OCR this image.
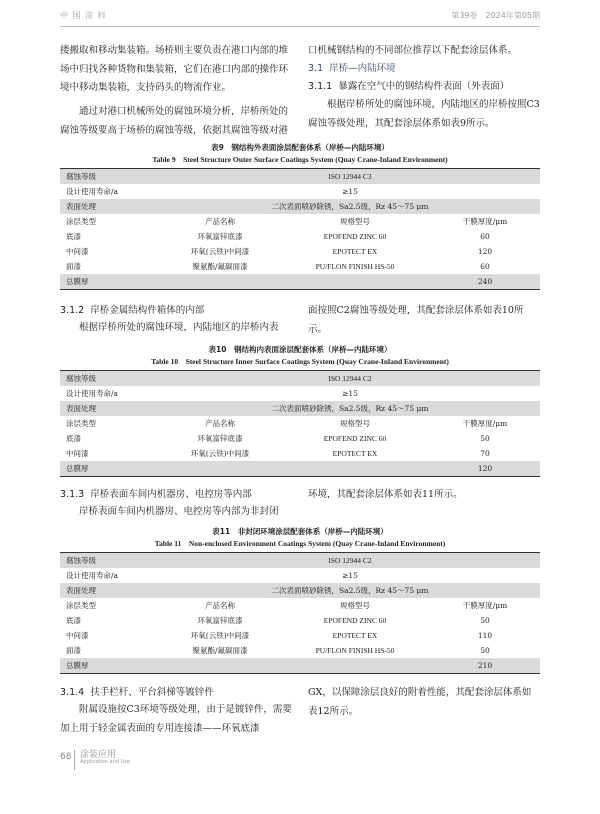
中 国 涂 料	第39卷　2024年第05期

搂搬取和移动集装箱。场桥则主要负责在港口内部的堆场中归找各种货物和集装箱，它们在港口内部的操作环境中移动集装箱，支持码头的物流作业。

通过对港口机械所处的腐蚀环境分析，岸桥所处的腐蚀等级要高于场桥的腐蚀等级，依据其腐蚀等级对港

口机械钢结构的不同部位推荐以下配套涂层体系。

3.1 岸桥—内陆环境
3.1.1 暴露在空气中的钢结构件表面（外表面）

根据岸桥所处的腐蚀环境，内陆地区的岸桥按照C3腐蚀等级处理，其配套涂层体系如表9所示。

表9　钢结构外表面涂层配套体系（岸桥—内陆环境）
Table 9　Steel Structure Outer Surface Coatings System (Quay Crane-Inland Environment)
腐蚀等级	ISO 12944 C3		
设计使用寿命/a	≥15		
表面处理	二次表面喷砂除锈，Sa2.5级，Rz 45～75 μm		
涂层类型	产品名称	规格型号	干膜厚度/μm
底漆	环氧富锌底漆	EPOFEND ZINC 60	60
中间漆	环氧(云铁)中间漆	EPOTECT EX	120
面漆	聚氨酯/氟碳面漆	PU/FLON FINISH HS-50	60
总膜厚			240
3.1.2 岸桥金属结构件箱体的内部

根据岸桥所处的腐蚀环境，内陆地区的岸桥内表

面按照C2腐蚀等级处理，其配套涂层体系如表10所示。

表10　钢结构内表面涂层配套体系（岸桥—内陆环境）
Table 10　Steel Structure Inner Surface Coatings System (Quay Crane-Inland Environment)
腐蚀等级	ISO 12944 C2		
设计使用寿命/a	≥15		
表面处理	二次表面喷砂除锈，Sa2.5级，Rz 45～75 μm		
涂层类型	产品名称	规格型号	干膜厚度/μm
底漆	环氧富锌底漆	EPOFEND ZINC 60	50
中间漆	环氧(云铁)中间漆	EPOTECT EX	70
总膜厚			120
3.1.3 岸桥表面车间内机器房、电控房等内部

岸桥表面车间内机器房、电控房等内部为非封闭

环境，其配套涂层体系如表11所示。

表11　非封闭环境涂层配套体系（岸桥—内陆环境）
Table 11　Non-enclosed Environment Coatings System (Quay Crane-Inland Environment)
腐蚀等级	ISO 12944 C2		
设计使用寿命/a	≥15		
表面处理	二次表面喷砂除锈，Sa2.5级，Rz 45～75 μm		
涂层类型	产品名称	规格型号	干膜厚度/μm
底漆	环氧富锌底漆	EPOFEND ZINC 60	50
中间漆	环氧(云铁)中间漆	EPOTECT EX	110
面漆	聚氨酯/氟碳面漆	PU/FLON FINISH HS-50	50
总膜厚			210
3.1.4 扶手栏杆、平台斜梯等镀锌件

附属设施按C3环境等级处理，由于是镀锌件，需要加上用于轻金属表面的专用连接漆——环氧底漆

GX，以保障涂层良好的附着性能，其配套涂层体系如表12所示。

68 涂装应用
Application and Use
